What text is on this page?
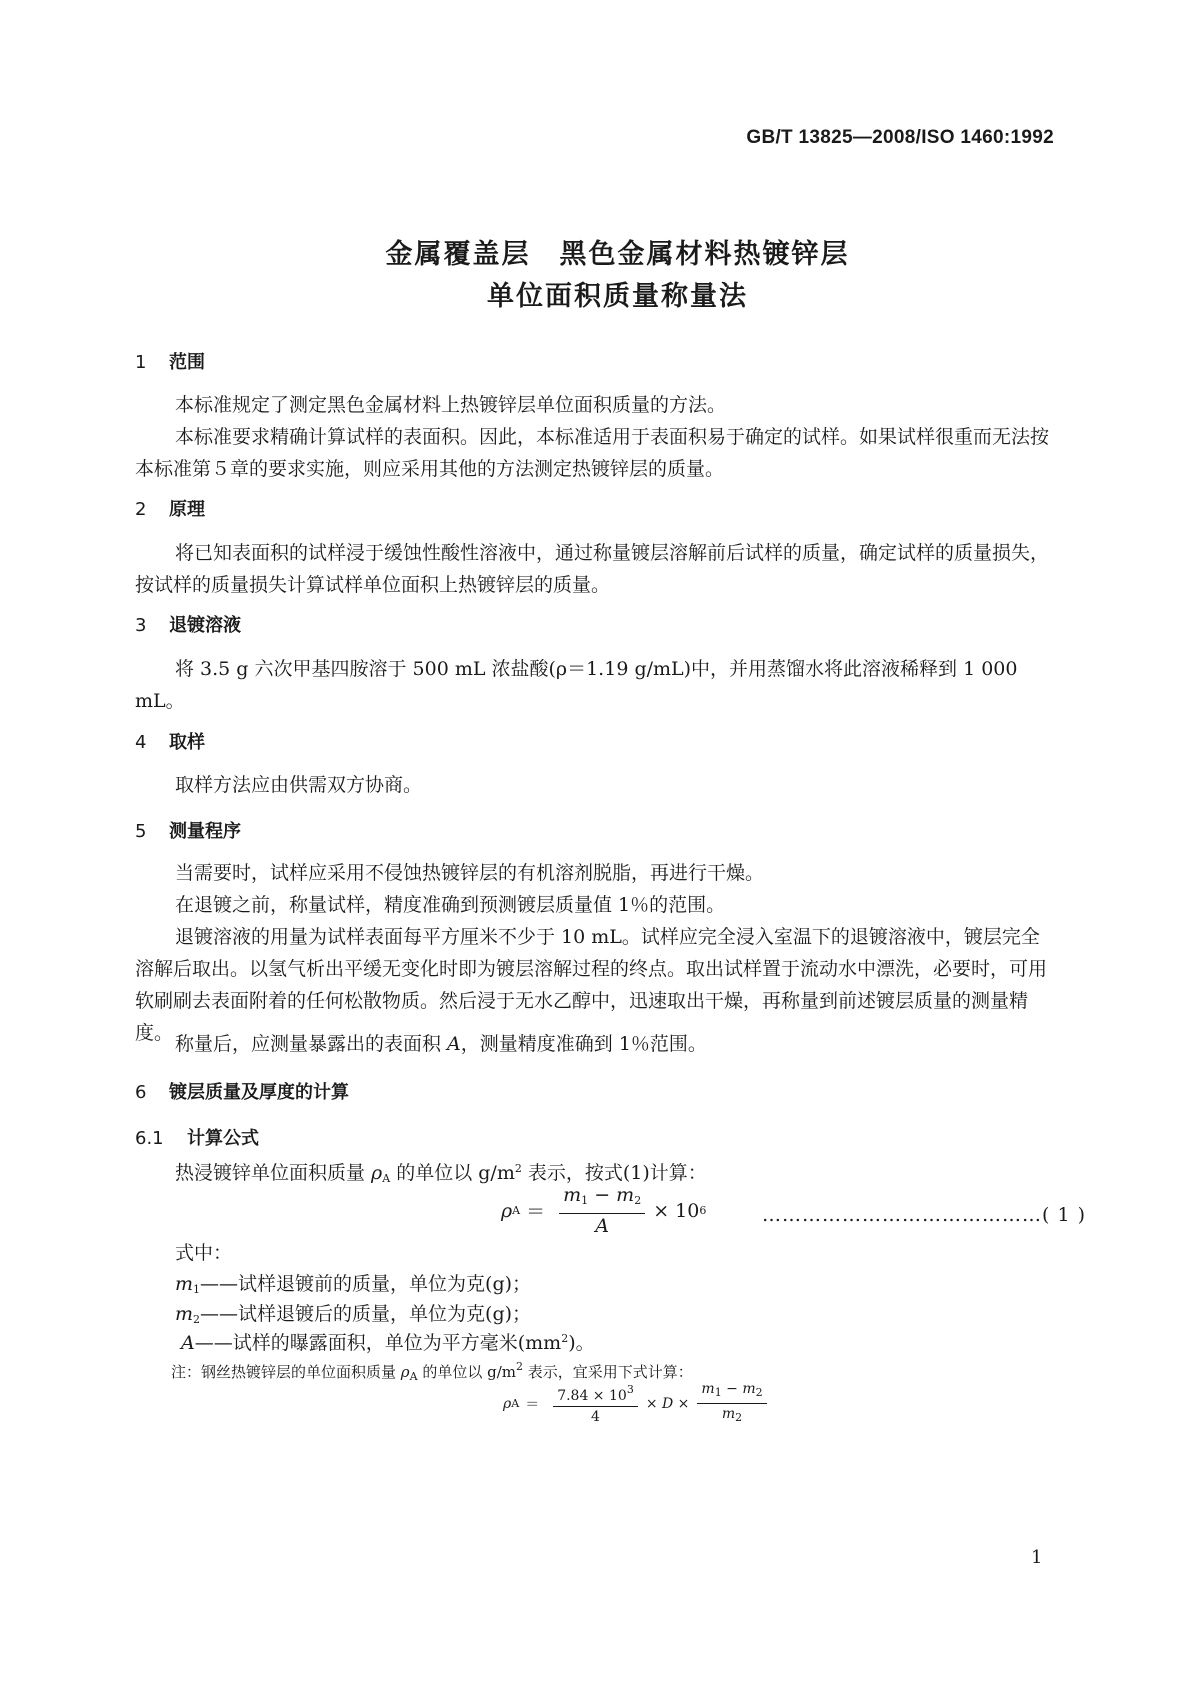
GB/T 13825—2008/ISO 1460:1992
金属覆盖层　黑色金属材料热镀锌层
单位面积质量称量法
1 范围
本标准规定了测定黑色金属材料上热镀锌层单位面积质量的方法。
本标准要求精确计算试样的表面积。因此，本标准适用于表面积易于确定的试样。如果试样很重而无法按本标准第５章的要求实施，则应采用其他的方法测定热镀锌层的质量。
2 原理
将已知表面积的试样浸于缓蚀性酸性溶液中，通过称量镀层溶解前后试样的质量，确定试样的质量损失，按试样的质量损失计算试样单位面积上热镀锌层的质量。
3 退镀溶液
将 3.5 g 六次甲基四胺溶于 500 mL 浓盐酸(ρ＝1.19 g/mL)中，并用蒸馏水将此溶液稀释到 1 000 mL。
4 取样
取样方法应由供需双方协商。
5 测量程序
当需要时，试样应采用不侵蚀热镀锌层的有机溶剂脱脂，再进行干燥。
在退镀之前，称量试样，精度准确到预测镀层质量值 1％的范围。
退镀溶液的用量为试样表面每平方厘米不少于 10 mL。试样应完全浸入室温下的退镀溶液中，镀层完全溶解后取出。以氢气析出平缓无变化时即为镀层溶解过程的终点。取出试样置于流动水中漂洗，必要时，可用软刷刷去表面附着的任何松散物质。然后浸于无水乙醇中，迅速取出干燥，再称量到前述镀层质量的测量精度。 称量后，应测量暴露出的表面积 A，测量精度准确到 1％范围。
6 镀层质量及厚度的计算
6.1 计算公式
热浸镀锌单位面积质量 $\rho_A$ 的单位以 $g/m^2$ 表示，按式(1)计算：
ρ $A = \frac{m_1 - m_2}{A} \times 10$ 6	……………………………………( 1 )
式中：
$m_1——$试样退镀前的质量，单位为克(g)；
$m_2——$试样退镀后的质量，单位为克(g)；
A——试样的曝露面积，单位为平方毫米$(mm^2)$。
注：钢丝热镀锌层的单位面积质量 $\rho_A$ 的单位以 $g/m^2$ 表示，宜采用下式计算：
ρ $A = \frac{7.84 \times 10^3}{4} \times D \times \frac{m_1 - m_2}{m_2}$
1
